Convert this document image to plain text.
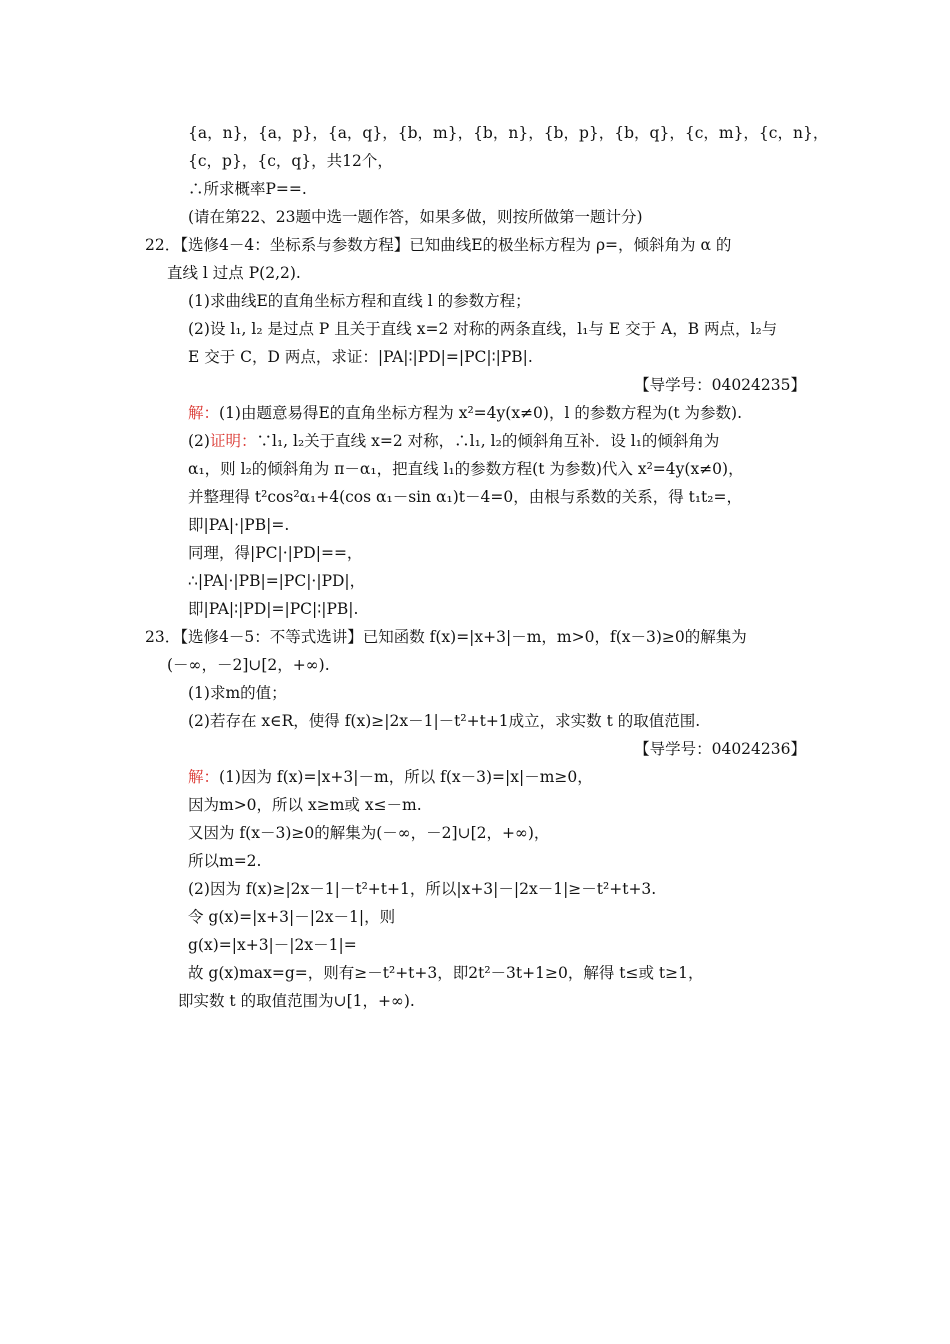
{a，n}，{a，p}，{a，q}，{b，m}，{b，n}，{b，p}，{b，q}，{c，m}，{c，n}，
{c，p}，{c，q}，共12个，
∴所求概率P==.
(请在第22、23题中选一题作答，如果多做，则按所做第一题计分)
22．【选修4－4：坐标系与参数方程】已知曲线E的极坐标方程为 ρ=，倾斜角为 α 的
直线 l 过点 P(2,2).
(1)求曲线E的直角坐标方程和直线 l 的参数方程；
(2)设 l₁, l₂ 是过点 P 且关于直线 x=2 对称的两条直线，l₁与 E 交于 A，B 两点，l₂与
E 交于 C，D 两点，求证：|PA|∶|PD|=|PC|∶|PB|.
【导学号：04024235】
解：(1)由题意易得E的直角坐标方程为 x²=4y(x≠0)，l 的参数方程为(t 为参数).
(2)证明：∵l₁, l₂关于直线 x=2 对称，∴l₁, l₂的倾斜角互补．设 l₁的倾斜角为
α₁，则 l₂的倾斜角为 π－α₁，把直线 l₁的参数方程(t 为参数)代入 x²=4y(x≠0)，
并整理得 t²cos²α₁+4(cos α₁－sin α₁)t－4=0，由根与系数的关系，得 t₁t₂=，
即|PA|·|PB|=.
同理，得|PC|·|PD|==，
∴|PA|·|PB|=|PC|·|PD|，
即|PA|∶|PD|=|PC|∶|PB|.
23．【选修4－5：不等式选讲】已知函数 f(x)=|x+3|－m，m>0，f(x－3)≥0的解集为
(－∞，－2]∪[2，+∞).
(1)求m的值；
(2)若存在 x∈R，使得 f(x)≥|2x－1|－t²+t+1成立，求实数 t 的取值范围.
【导学号：04024236】
解：(1)因为 f(x)=|x+3|－m，所以 f(x－3)=|x|－m≥0，
因为m>0，所以 x≥m或 x≤－m.
又因为 f(x－3)≥0的解集为(－∞，－2]∪[2，+∞)，
所以m=2.
(2)因为 f(x)≥|2x－1|－t²+t+1，所以|x+3|－|2x－1|≥－t²+t+3.
令 g(x)=|x+3|－|2x－1|，则
g(x)=|x+3|－|2x－1|=
故 g(x)max=g=，则有≥－t²+t+3，即2t²－3t+1≥0，解得 t≤或 t≥1，
即实数 t 的取值范围为∪[1，+∞).
